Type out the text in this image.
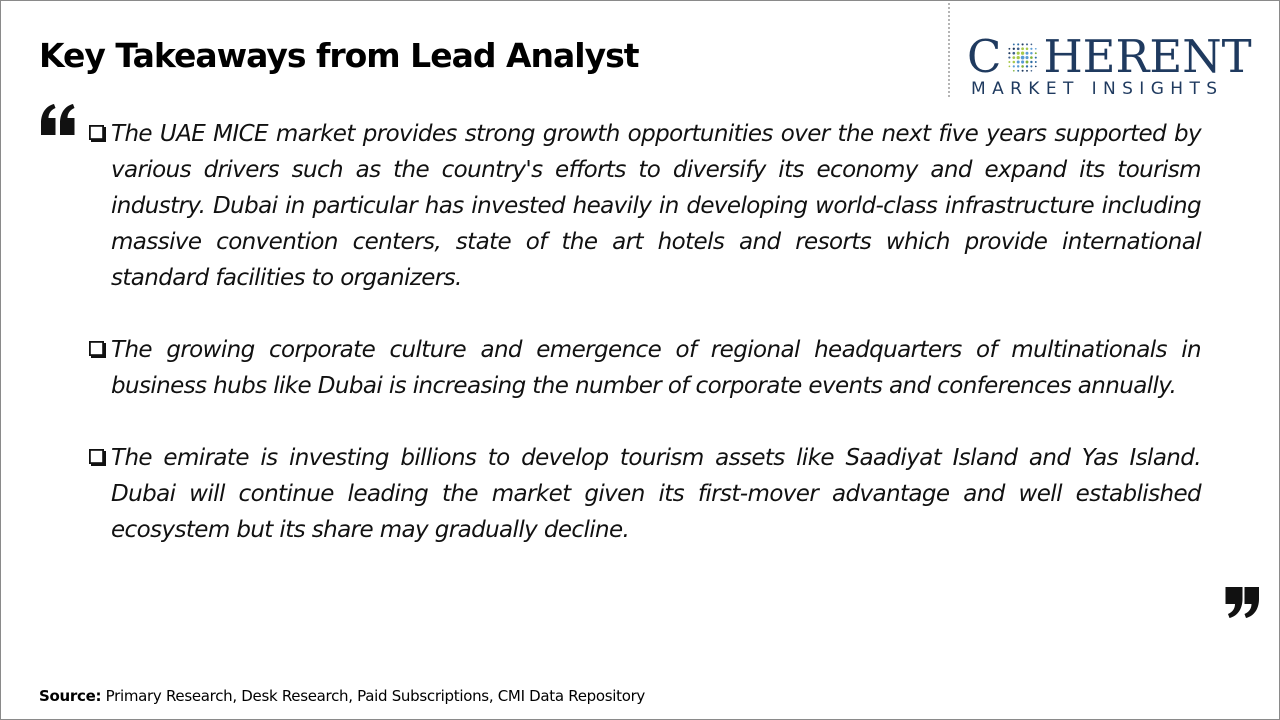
Key Takeaways from Lead Analyst	C HERENT
MARKET INSIGHTS
The UAE MICE market provides strong growth opportunities over the next five years supported by various drivers such as the country's efforts to diversify its economy and expand its tourism industry. Dubai in particular has invested heavily in developing world-class infrastructure including massive convention centers, state of the art hotels and resorts which provide international standard facilities to organizers.
The growing corporate culture and emergence of regional headquarters of multinationals in business hubs like Dubai is increasing the number of corporate events and conferences annually.
The emirate is investing billions to develop tourism assets like Saadiyat Island and Yas Island. Dubai will continue leading the market given its first-mover advantage and well established ecosystem but its share may gradually decline.
Source: Primary Research, Desk Research, Paid Subscriptions, CMI Data Repository
